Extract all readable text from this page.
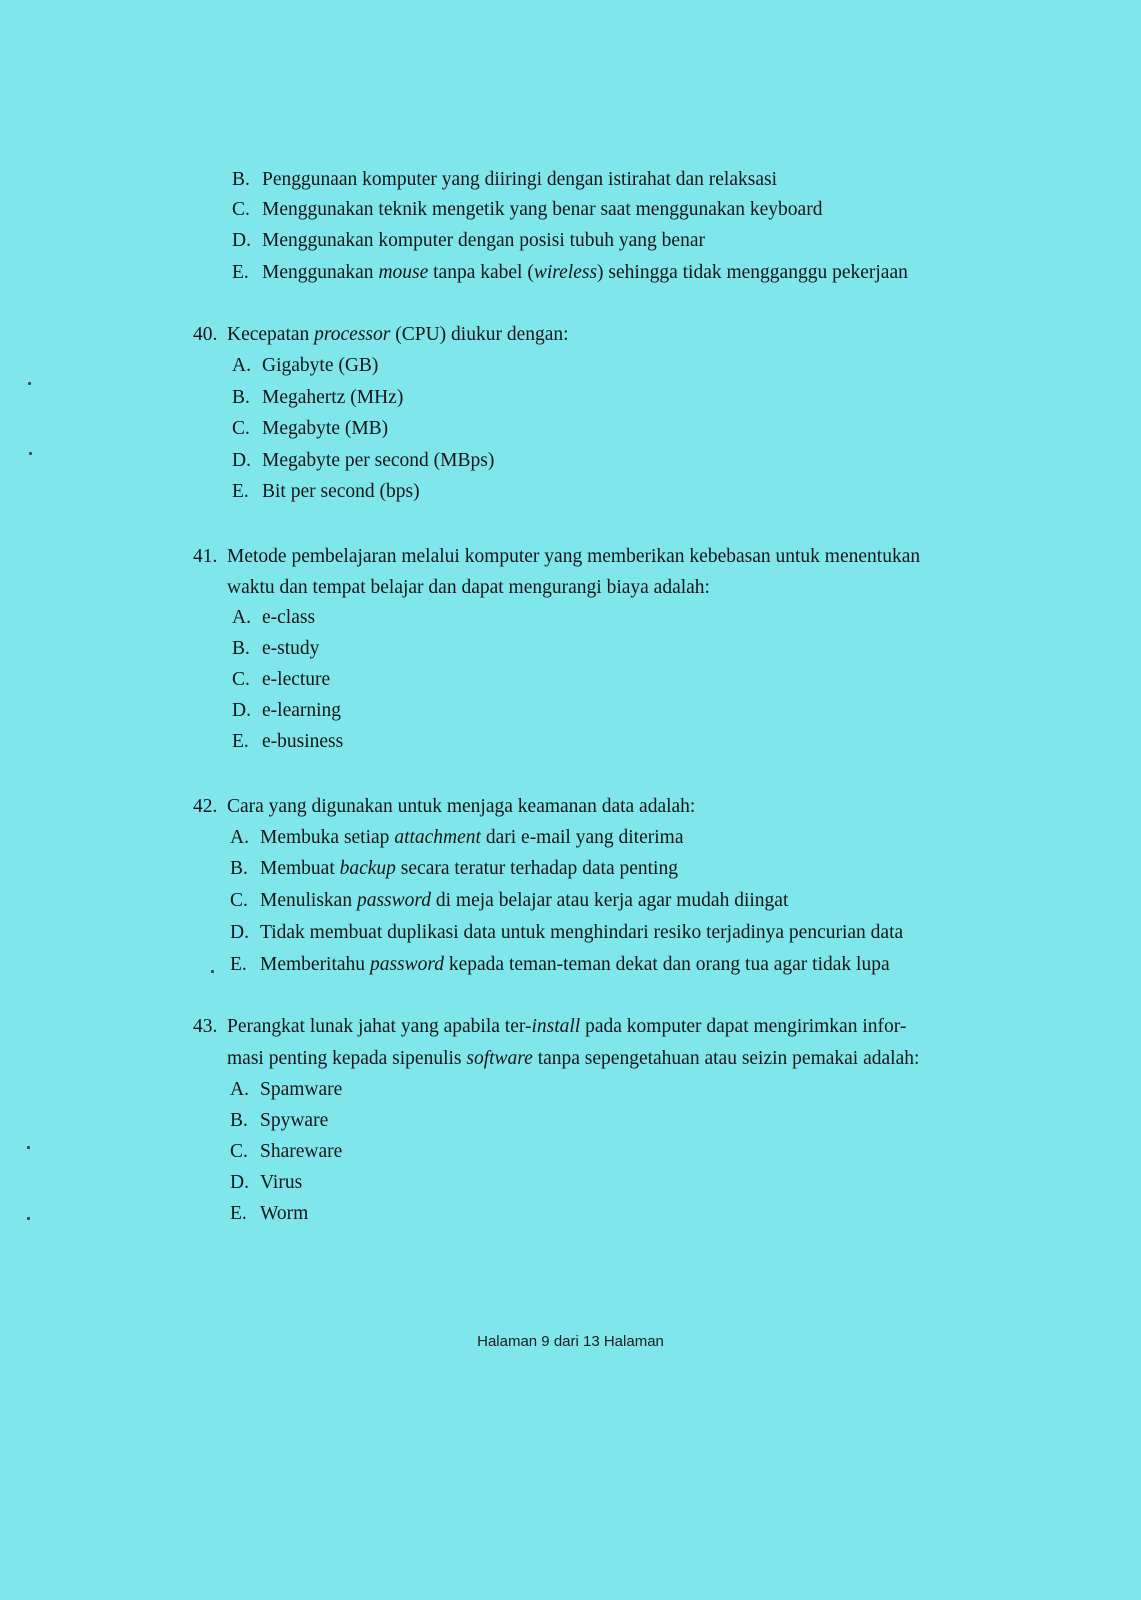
B. Penggunaan komputer yang diiringi dengan istirahat dan relaksasi
C. Menggunakan teknik mengetik yang benar saat menggunakan keyboard
D. Menggunakan komputer dengan posisi tubuh yang benar
E. Menggunakan mouse tanpa kabel (wireless) sehingga tidak mengganggu pekerjaan
40. Kecepatan processor (CPU) diukur dengan:
A. Gigabyte (GB)
B. Megahertz (MHz)
C. Megabyte (MB)
D. Megabyte per second (MBps)
E. Bit per second (bps)
41. Metode pembelajaran melalui komputer yang memberikan kebebasan untuk menentukan
waktu dan tempat belajar dan dapat mengurangi biaya adalah:
A. e-class
B. e-study
C. e-lecture
D. e-learning
E. e-business
42. Cara yang digunakan untuk menjaga keamanan data adalah:
A. Membuka setiap attachment dari e-mail yang diterima
B. Membuat backup secara teratur terhadap data penting
C. Menuliskan password di meja belajar atau kerja agar mudah diingat
D. Tidak membuat duplikasi data untuk menghindari resiko terjadinya pencurian data
E. Memberitahu password kepada teman-teman dekat dan orang tua agar tidak lupa
43. Perangkat lunak jahat yang apabila ter-install pada komputer dapat mengirimkan infor-
masi penting kepada sipenulis software tanpa sepengetahuan atau seizin pemakai adalah:
A. Spamware
B. Spyware
C. Shareware
D. Virus
E. Worm
Halaman 9 dari 13 Halaman
